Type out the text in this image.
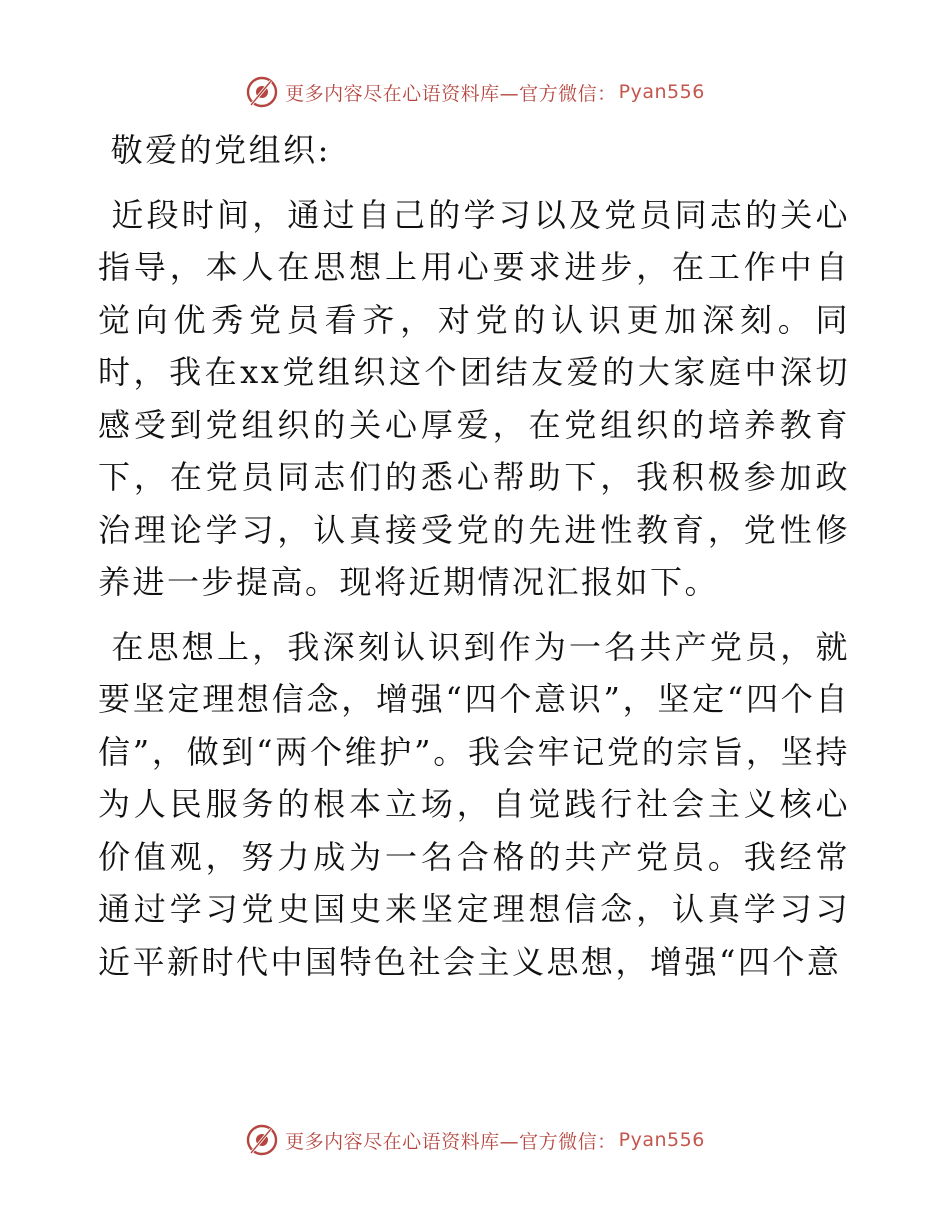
更多内容尽在心语资料库—官方微信： Pyan556

敬爱的党组织:

近段时间，通过自己的学习以及党员同志的关心指导，本人在思想上用心要求进步，在工作中自觉向优秀党员看齐，对党的认识更加深刻。同时，我在xx党组织这个团结友爱的大家庭中深切感受到党组织的关心厚爱，在党组织的培养教育下，在党员同志们的悉心帮助下，我积极参加政治理论学习，认真接受党的先进性教育，党性修养进一步提高。现将近期情况汇报如下。

在思想上，我深刻认识到作为一名共产党员，就要坚定理想信念，增强“四个意识”，坚定“四个自信”，做到“两个维护”。我会牢记党的宗旨，坚持为人民服务的根本立场，自觉践行社会主义核心价值观，努力成为一名合格的共产党员。我经常通过学习党史国史来坚定理想信念，认真学习习近平新时代中国特色社会主义思想，增强“四个意

更多内容尽在心语资料库—官方微信： Pyan556
